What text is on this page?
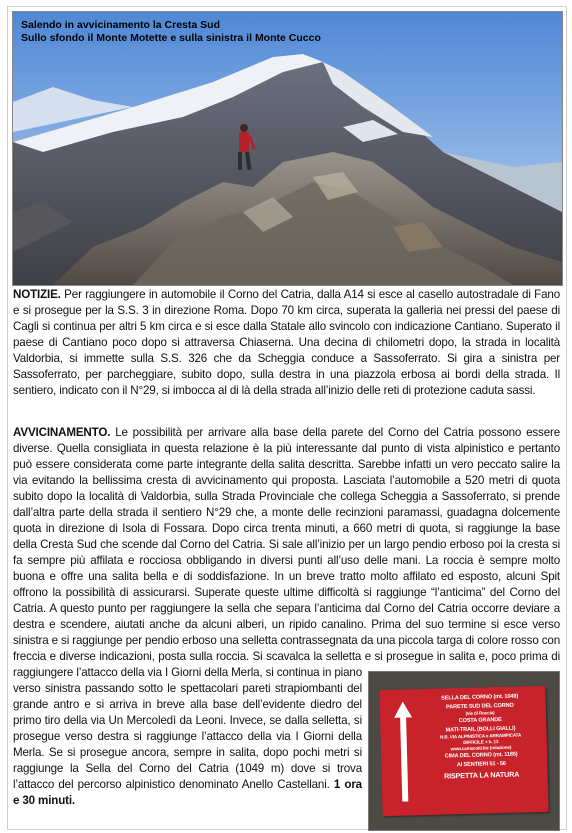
Salendo in avvicinamento la Cresta Sud
Sullo sfondo il Monte Motette e sulla sinistra il Monte Cucco
NOTIZIE. Per raggiungere in automobile il Corno del Catria, dalla A14 si esce al casello autostradale di Fano e si prosegue per la S.S. 3 in direzione Roma. Dopo 70 km circa, superata la galleria nei pressi del paese di Cagli si continua per altri 5 km circa e si esce dalla Statale allo svincolo con indicazione Cantiano. Superato il paese di Cantiano poco dopo si attraversa Chiaserna. Una decina di chilometri dopo, la strada in località Valdorbia, si immette sulla S.S. 326 che da Scheggia conduce a Sassoferrato. Si gira a sinistra per Sassoferrato, per parcheggiare, subito dopo, sulla destra in una piazzola erbosa ai bordi della strada. Il sentiero, indicato con il N°29, si imbocca al di là della strada all’inizio delle reti di protezione caduta sassi.
SELLA DEL CORNO (mt. 1049)
PARETE SUD DEL CORNO
(vie di Roccia)
COSTA GRANDE
MATI-TRAIL (BOLLI GIALLI)
N.B. VIA ALPINISTICA e ARRAMPICATA
DIFFICILE + h. 13
www.camscoiti.biz (relazione)
CIMA DEL CORNO (mt. 1185)
AI SENTIERI 51 - 56
RISPETTA LA NATURA
AVVICINAMENTO. Le possibilità per arrivare alla base della parete del Corno del Catria possono essere diverse. Quella consigliata in questa relazione è la più interessante dal punto di vista alpinistico e pertanto può essere considerata come parte integrante della salita descritta. Sarebbe infatti un vero peccato salire la via evitando la bellissima cresta di avvicinamento qui proposta. Lasciata l’automobile a 520 metri di quota subito dopo la località di Valdorbia, sulla Strada Provinciale che collega Scheggia a Sassoferrato, si prende dall’altra parte della strada il sentiero N°29 che, a monte delle recinzioni paramassi, guadagna dolcemente quota in direzione di Isola di Fossara. Dopo circa trenta minuti, a 660 metri di quota, si raggiunge la base della Cresta Sud che scende dal Corno del Catria. Si sale all’inizio per un largo pendio erboso poi la cresta si fa sempre più affilata e rocciosa obbligando in diversi punti all’uso delle mani. La roccia è sempre molto buona e offre una salita bella e di soddisfazione. In un breve tratto molto affilato ed esposto, alcuni Spit offrono la possibilità di assicurarsi. Superate queste ultime difficoltà si raggiunge “l’anticima” del Corno del Catria. A questo punto per raggiungere la sella che separa l’anticima dal Corno del Catria occorre deviare a destra e scendere, aiutati anche da alcuni alberi, un ripido canalino. Prima del suo termine si esce verso sinistra e si raggiunge per pendio erboso una selletta contrassegnata da una piccola targa di colore rosso con freccia e diverse indicazioni, posta sulla roccia. Si scavalca la selletta e si prosegue in salita e, poco prima di raggiungere l’attacco della via I Giorni della Merla, si continua in piano verso sinistra passando sotto le spettacolari pareti strapiombanti del grande antro e si arriva in breve alla base dell’evidente diedro del primo tiro della via Un Mercoledì da Leoni. Invece, se dalla selletta, si prosegue verso destra si raggiunge l’attacco della via I Giorni della Merla. Se si prosegue ancora, sempre in salita, dopo pochi metri si raggiunge la Sella del Corno del Catria (1049 m) dove si trova l’attacco del percorso alpinistico denominato Anello Castellani. 1 ora e 30 minuti.
